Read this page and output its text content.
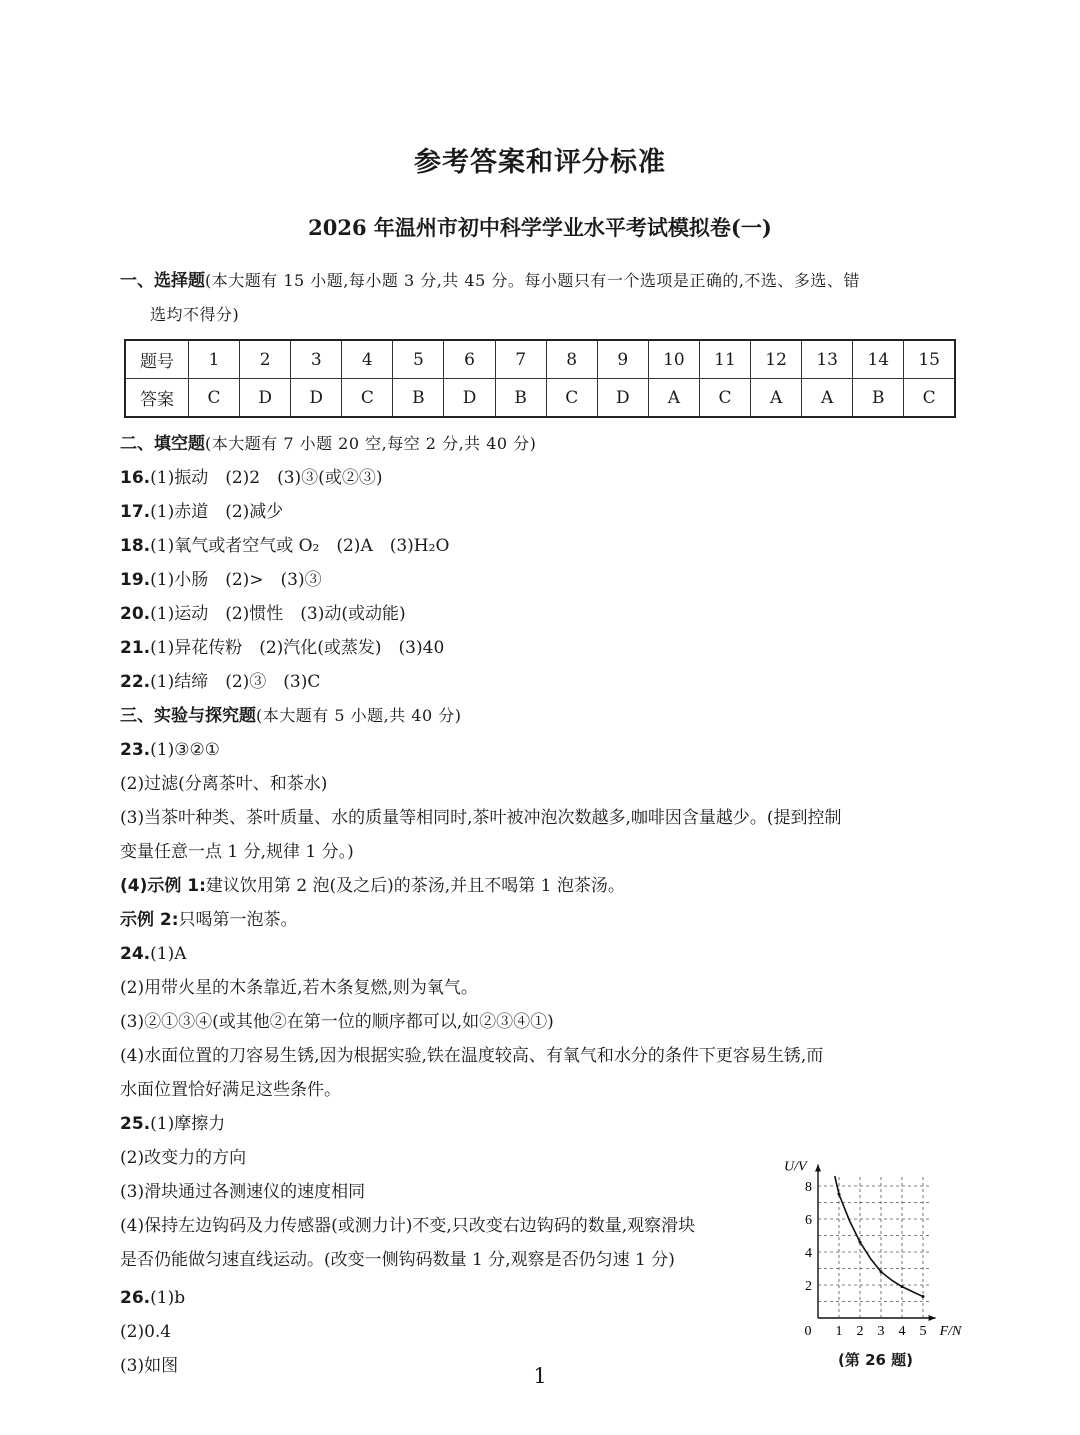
参考答案和评分标准
2026 年温州市初中科学学业水平考试模拟卷(一)
一、选择题(本大题有 15 小题,每小题 3 分,共 45 分。每小题只有一个选项是正确的,不选、多选、错
选均不得分)
题号	1	2	3	4	5	6	7	8	9	10	11	12	13	14	15
答案	C	D	D	C	B	D	B	C	D	A	C	A	A	B	C
二、填空题(本大题有 7 小题 20 空,每空 2 分,共 40 分)
16.(1)振动　(2)2　(3)③(或②③)
17.(1)赤道　(2)减少
18.(1)氧气或者空气或 O₂　(2)A　(3)H₂O
19.(1)小肠　(2)>　(3)③
20.(1)运动　(2)惯性　(3)动(或动能)
21.(1)异花传粉　(2)汽化(或蒸发)　(3)40
22.(1)结缔　(2)③　(3)C
三、实验与探究题(本大题有 5 小题,共 40 分)
23.(1)③②①
(2)过滤(分离茶叶、和茶水)
(3)当茶叶种类、茶叶质量、水的质量等相同时,茶叶被冲泡次数越多,咖啡因含量越少。(提到控制
变量任意一点 1 分,规律 1 分。)
(4)示例 1:建议饮用第 2 泡(及之后)的茶汤,并且不喝第 1 泡茶汤。
示例 2:只喝第一泡茶。
24.(1)A
(2)用带火星的木条靠近,若木条复燃,则为氧气。
(3)②①③④(或其他②在第一位的顺序都可以,如②③④①)
(4)水面位置的刀容易生锈,因为根据实验,铁在温度较高、有氧气和水分的条件下更容易生锈,而
水面位置恰好满足这些条件。
25.(1)摩擦力
(2)改变力的方向
(3)滑块通过各测速仪的速度相同
(4)保持左边钩码及力传感器(或测力计)不变,只改变右边钩码的数量,观察滑块
是否仍能做匀速直线运动。(改变一侧钩码数量 1 分,观察是否仍匀速 1 分)
26.(1)b
(2)0.4
(3)如图
0 1 2 3 4 5
2
4
6
8
F/N
U/V
(第 26 题)
1
